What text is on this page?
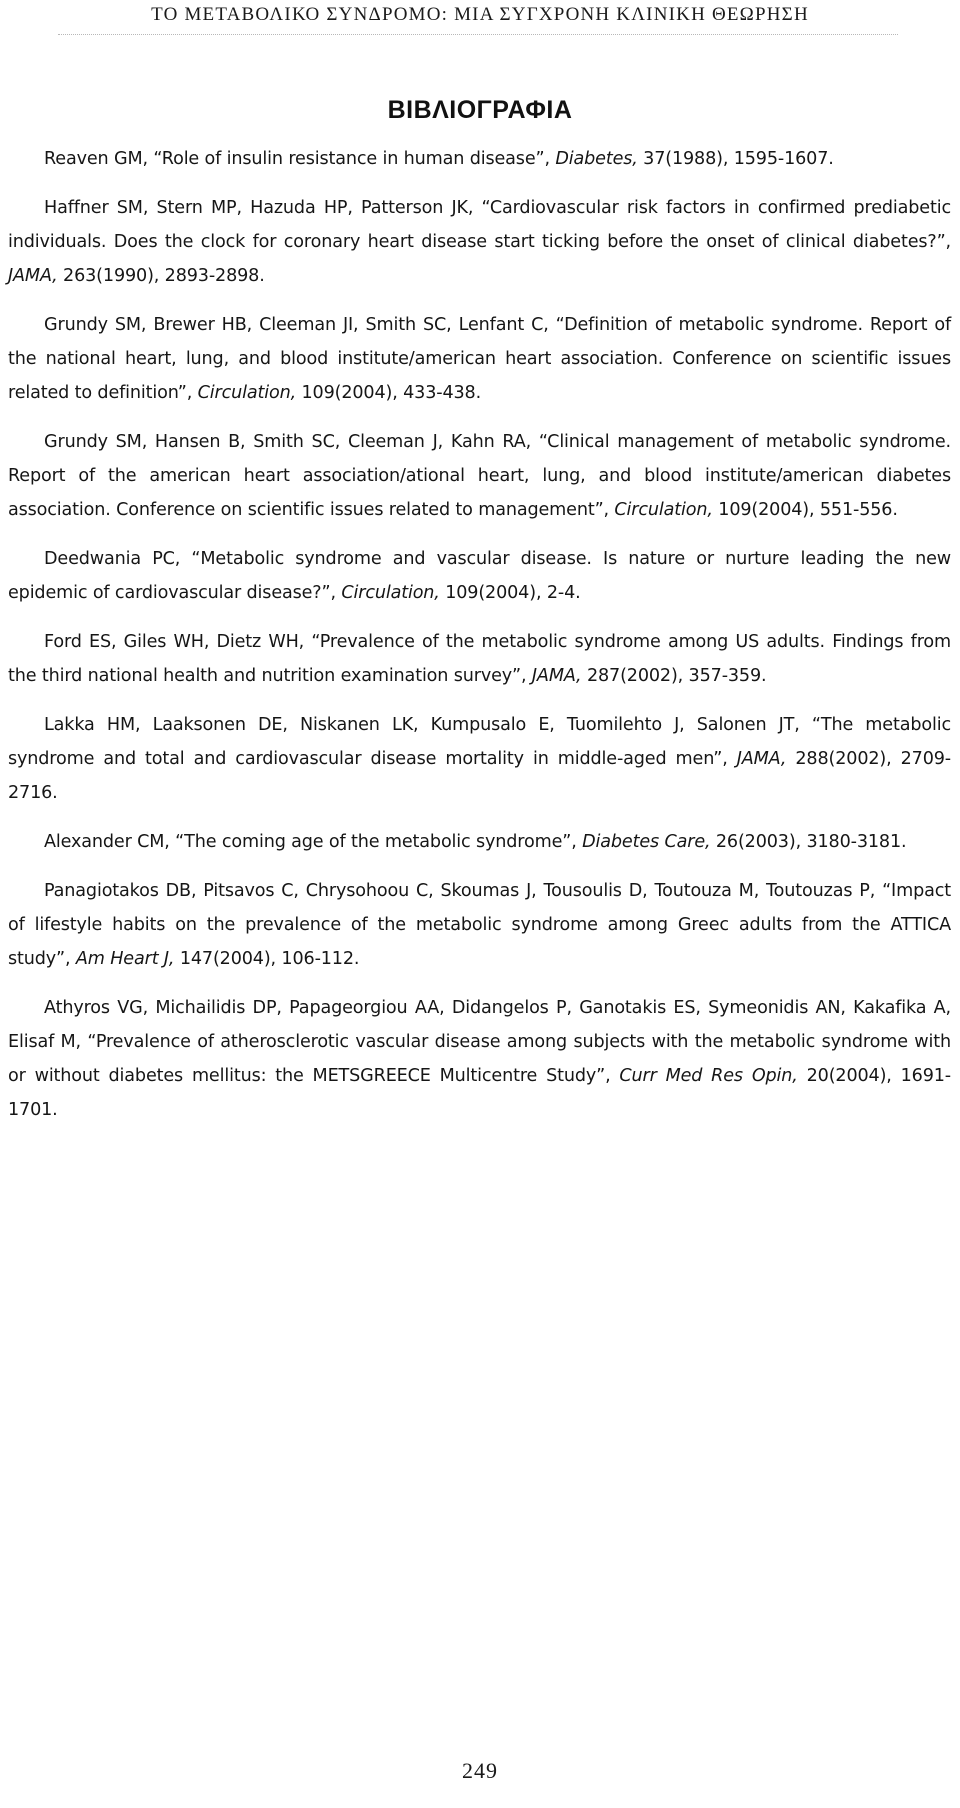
ΤΟ ΜΕΤΑΒΟΛΙΚΟ ΣΥΝΔΡΟΜΟ: ΜΙΑ ΣΥΓΧΡΟΝΗ ΚΛΙΝΙΚΗ ΘΕΩΡΗΣΗ
ΒΙΒΛΙΟΓΡΑΦΙΑ

Reaven GM, “Role of insulin resistance in human disease”, Diabetes, 37(1988), 1595-1607.

Haffner SM, Stern MP, Hazuda HP, Patterson JK, “Cardiovascular risk factors in confirmed prediabetic individuals. Does the clock for coronary heart disease start ticking before the onset of clinical diabetes?”, JAMA, 263(1990), 2893-2898.

Grundy SM, Brewer HB, Cleeman JI, Smith SC, Lenfant C, “Definition of metabolic syndrome. Report of the national heart, lung, and blood institute/american heart association. Conference on scientific issues related to definition”, Circulation, 109(2004), 433-438.

Grundy SM, Hansen B, Smith SC, Cleeman J, Kahn RA, “Clinical management of metabolic syndrome. Report of the american heart association/ational heart, lung, and blood institute/american diabetes association. Conference on scientific issues related to management”, Circulation, 109(2004), 551-556.

Deedwania PC, “Metabolic syndrome and vascular disease. Is nature or nurture leading the new epidemic of cardiovascular disease?”, Circulation, 109(2004), 2-4.

Ford ES, Giles WH, Dietz WH, “Prevalence of the metabolic syndrome among US adults. Findings from the third national health and nutrition examination survey”, JAMA, 287(2002), 357-359.

Lakka HM, Laaksonen DE, Niskanen LK, Kumpusalo E, Tuomilehto J, Salonen JT, “The metabolic syndrome and total and cardiovascular disease mortality in middle-aged men”, JAMA, 288(2002), 2709-2716.

Alexander CM, “The coming age of the metabolic syndrome”, Diabetes Care, 26(2003), 3180-3181.

Panagiotakos DB, Pitsavos C, Chrysohoou C, Skoumas J, Tousoulis D, Toutouza M, Toutouzas P, “Impact of lifestyle habits on the prevalence of the metabolic syndrome among Greec adults from the ATTICA study”, Am Heart J, 147(2004), 106-112.

Athyros VG, Michailidis DP, Papageorgiou AA, Didangelos P, Ganotakis ES, Symeonidis AN, Kakafika A, Elisaf M, “Prevalence of atherosclerotic vascular disease among subjects with the metabolic syndrome with or without diabetes mellitus: the METSGREECE Multicentre Study”, Curr Med Res Opin, 20(2004), 1691-1701.

249
